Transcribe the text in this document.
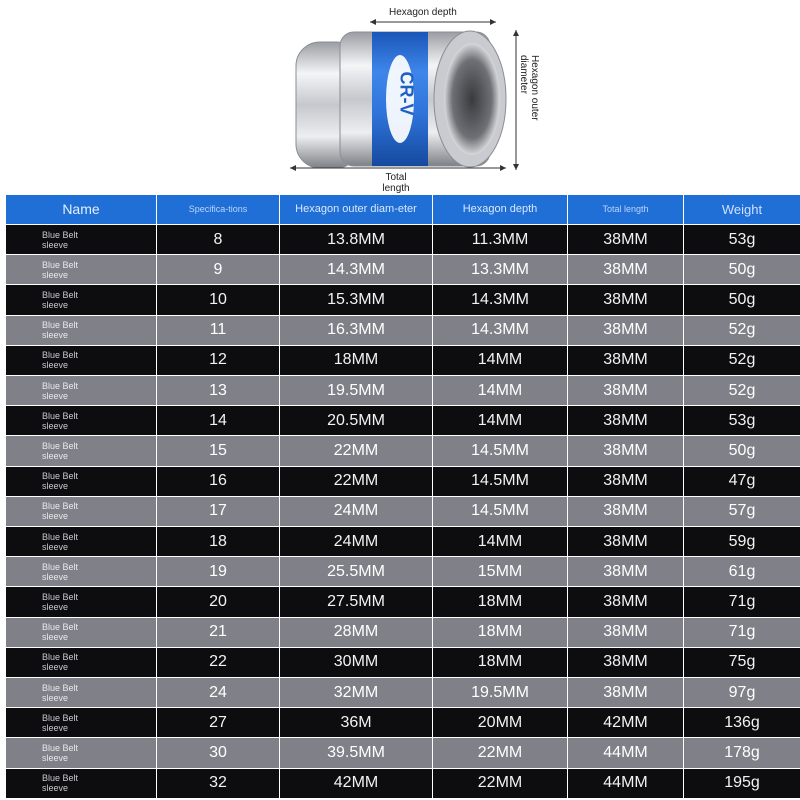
CR-V
Hexagon depth
Total length
Hexagon outer diameter
Name	Specifica-tions	Hexagon outer diam-eter	Hexagon depth	Total length	Weight
Blue Belt sleeve	8	13.8MM	11.3MM	38MM	53g
Blue Belt sleeve	9	14.3MM	13.3MM	38MM	50g
Blue Belt sleeve	10	15.3MM	14.3MM	38MM	50g
Blue Belt sleeve	11	16.3MM	14.3MM	38MM	52g
Blue Belt sleeve	12	18MM	14MM	38MM	52g
Blue Belt sleeve	13	19.5MM	14MM	38MM	52g
Blue Belt sleeve	14	20.5MM	14MM	38MM	53g
Blue Belt sleeve	15	22MM	14.5MM	38MM	50g
Blue Belt sleeve	16	22MM	14.5MM	38MM	47g
Blue Belt sleeve	17	24MM	14.5MM	38MM	57g
Blue Belt sleeve	18	24MM	14MM	38MM	59g
Blue Belt sleeve	19	25.5MM	15MM	38MM	61g
Blue Belt sleeve	20	27.5MM	18MM	38MM	71g
Blue Belt sleeve	21	28MM	18MM	38MM	71g
Blue Belt sleeve	22	30MM	18MM	38MM	75g
Blue Belt sleeve	24	32MM	19.5MM	38MM	97g
Blue Belt sleeve	27	36M	20MM	42MM	136g
Blue Belt sleeve	30	39.5MM	22MM	44MM	178g
Blue Belt sleeve	32	42MM	22MM	44MM	195g
